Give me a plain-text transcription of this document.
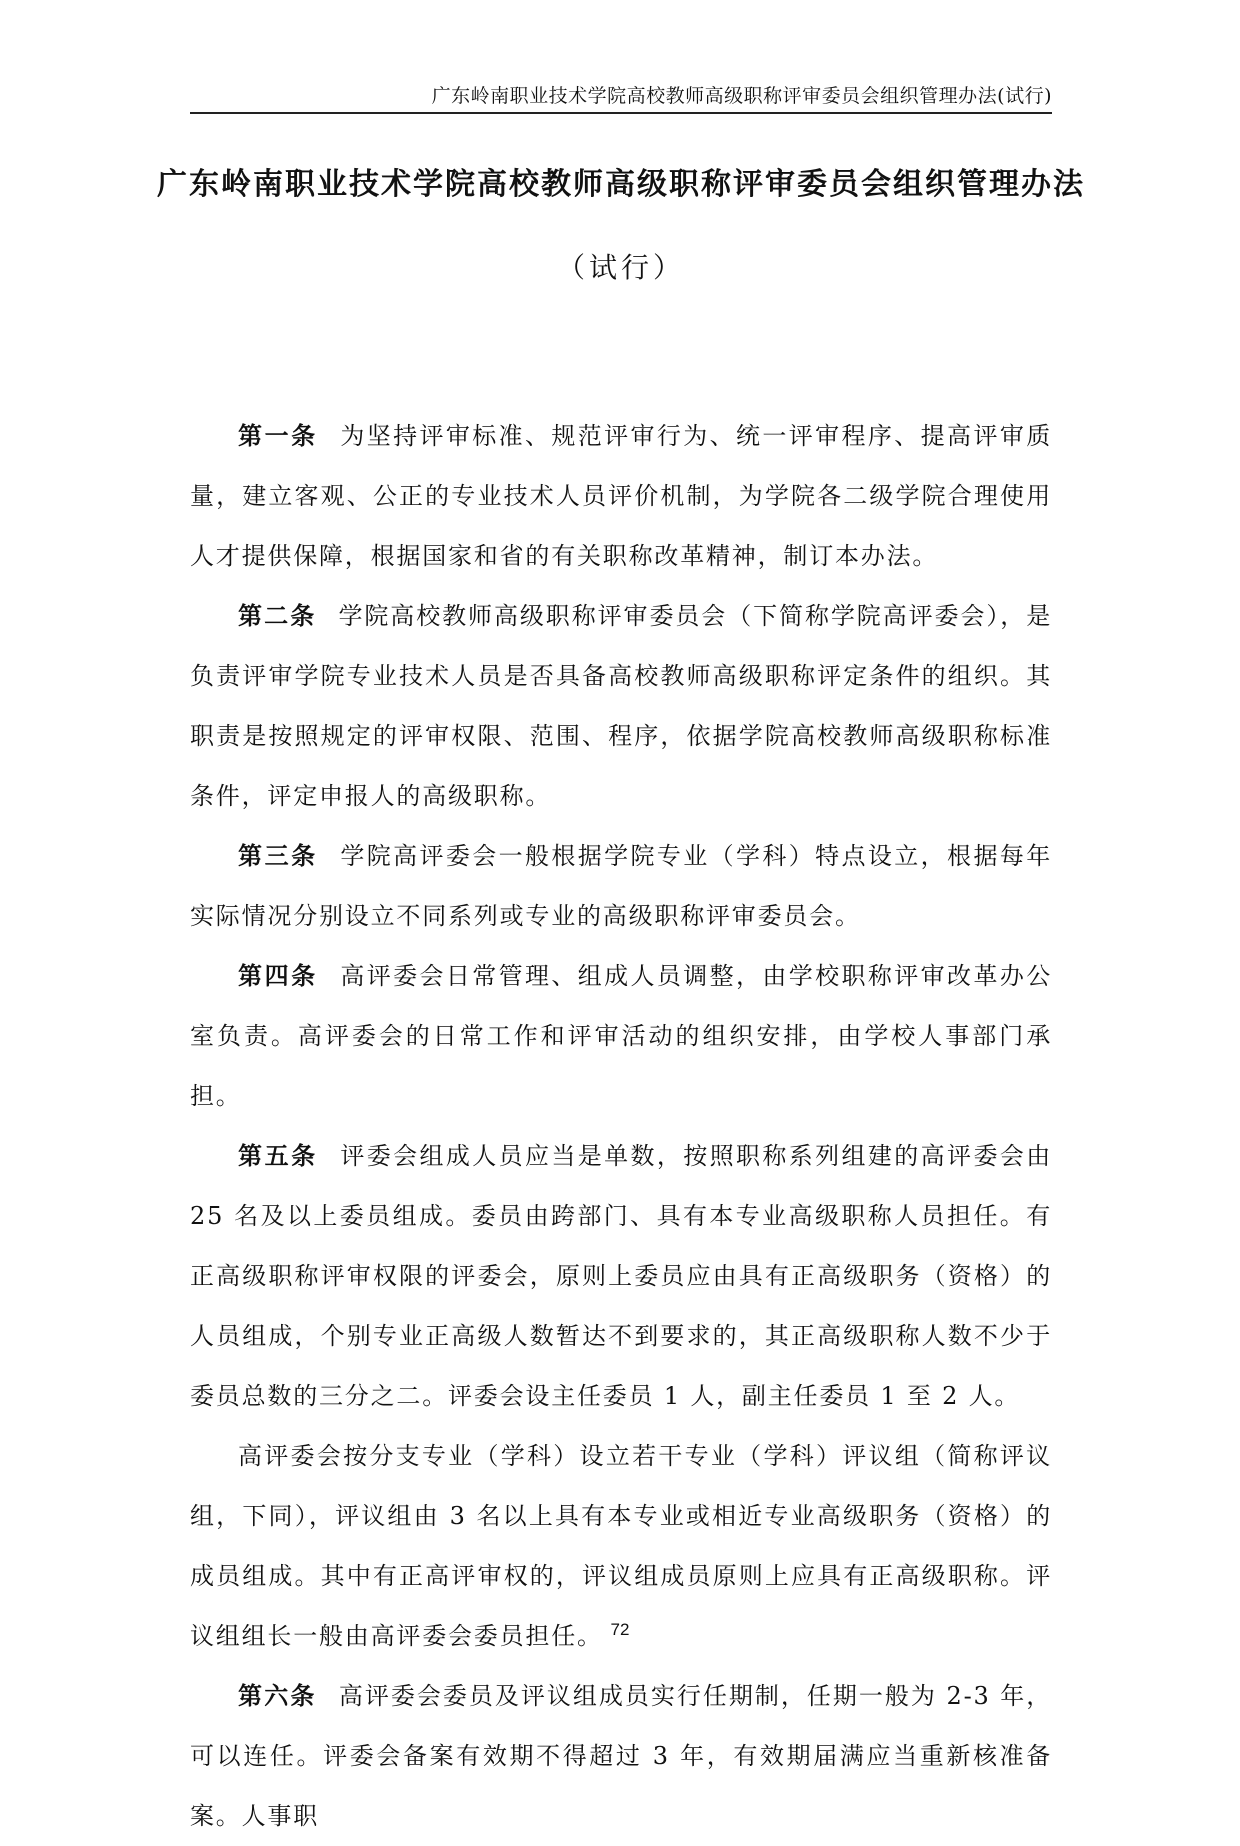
广东岭南职业技术学院高校教师高级职称评审委员会组织管理办法(试行)
广东岭南职业技术学院高校教师高级职称评审委员会组织管理办法
（试行）

第一条 为坚持评审标准、规范评审行为、统一评审程序、提高评审质量，建立客观、公正的专业技术人员评价机制，为学院各二级学院合理使用人才提供保障，根据国家和省的有关职称改革精神，制订本办法。

第二条 学院高校教师高级职称评审委员会（下简称学院高评委会），是负责评审学院专业技术人员是否具备高校教师高级职称评定条件的组织。其职责是按照规定的评审权限、范围、程序，依据学院高校教师高级职称标准条件，评定申报人的高级职称。

第三条 学院高评委会一般根据学院专业（学科）特点设立，根据每年实际情况分别设立不同系列或专业的高级职称评审委员会。

第四条 高评委会日常管理、组成人员调整，由学校职称评审改革办公室负责。高评委会的日常工作和评审活动的组织安排，由学校人事部门承担。

第五条 评委会组成人员应当是单数，按照职称系列组建的高评委会由 25 名及以上委员组成。委员由跨部门、具有本专业高级职称人员担任。有正高级职称评审权限的评委会，原则上委员应由具有正高级职务（资格）的人员组成，个别专业正高级人数暂达不到要求的，其正高级职称人数不少于委员总数的三分之二。评委会设主任委员 1 人，副主任委员 1 至 2 人。

高评委会按分支专业（学科）设立若干专业（学科）评议组（简称评议组，下同），评议组由 3 名以上具有本专业或相近专业高级职务（资格）的成员组成。其中有正高评审权的，评议组成员原则上应具有正高级职称。评议组组长一般由高评委会委员担任。

第六条 高评委会委员及评议组成员实行任期制，任期一般为 2-3 年，可以连任。评委会备案有效期不得超过 3 年，有效期届满应当重新核准备案。人事职

72
